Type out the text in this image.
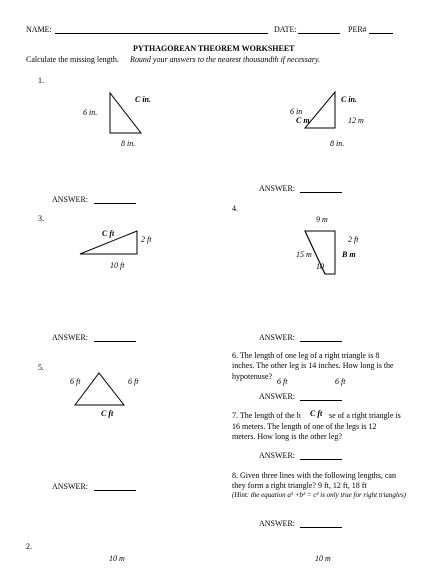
NAME:	DATE:	PER#
PYTHAGOREAN THEOREM WORKSHEET
Calculate the missing length. Round your answers to the nearest thousandth if necessary.
1.
6 in.
C in.
8 in.
C in.
6 in
C m	12 m
8 in.
ANSWER:
ANSWER:
3.
C ft
2 ft
10 ft
4.
9 m
2 ft
15 m	B m
10
ANSWER:	ANSWER:
5.
6 ft	6 ft
C ft
6. The length of one leg of a right triangle is 8
inches. The other leg is 14 inches. How long is the
hypotenuse?
6 ft	6 ft
ANSWER:
7. The length of the h C ft se of a right triangle is
16 meters. The length of one of the legs is 12
meters. How long is the other leg?
ANSWER:
8. Given three lines with the following lengths, can
they form a right triangle? 9 ft, 12 ft, 18 ft
(Hint: the equation a² +b² = c² is only true for right triangles)
ANSWER:
ANSWER:
2.
10 m	10 m
